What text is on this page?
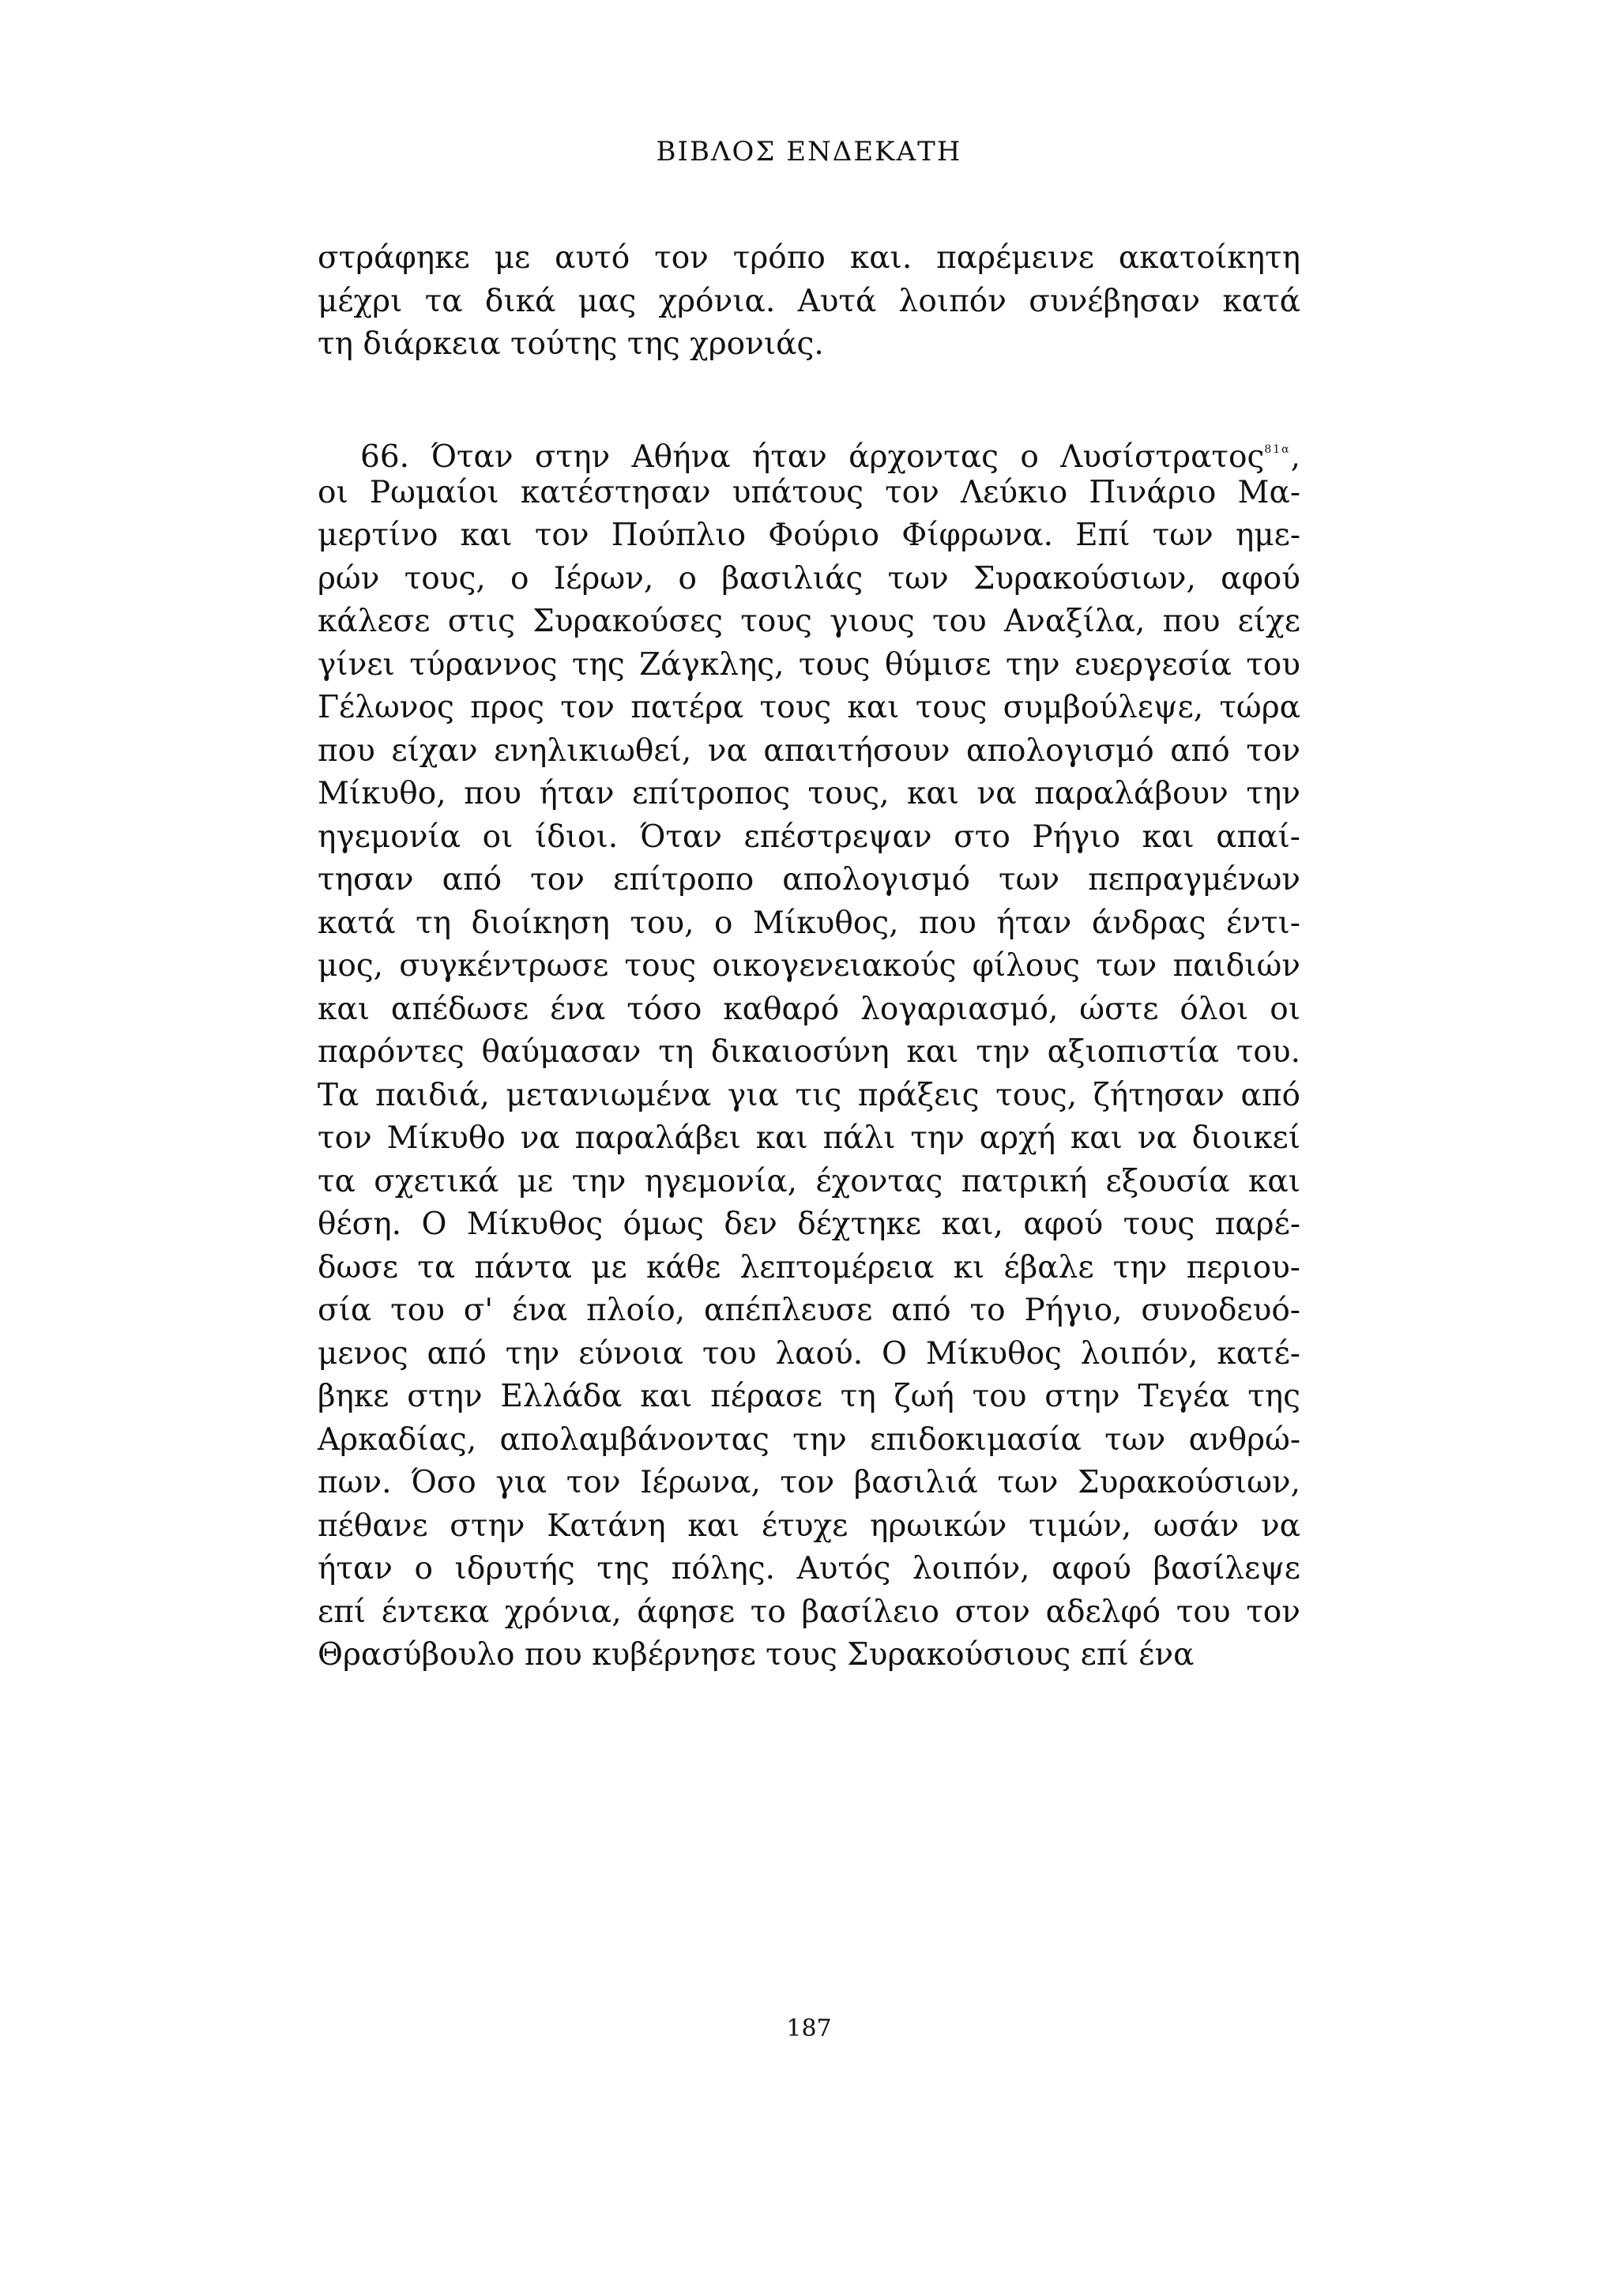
ΒΙΒΛΟΣ ΕΝΔΕΚΑΤΗ
στράφηκε με αυτό τον τρόπο και. παρέμεινε ακατοίκητη
μέχρι τα δικά μας χρόνια. Αυτά λοιπόν συνέβησαν κατά
τη διάρκεια τούτης της χρονιάς.
66. Όταν στην Αθήνα ήταν άρχοντας ο Λυσίστρατος$^{81\alpha}$,
οι Ρωμαίοι κατέστησαν υπάτους τον Λεύκιο Πινάριο Μα-
μερτίνο και τον Πούπλιο Φούριο Φίφρωνα. Επί των ημε-
ρών τους, ο Ιέρων, ο βασιλιάς των Συρακούσιων, αφού
κάλεσε στις Συρακούσες τους γιους του Αναξίλα, που είχε
γίνει τύραννος της Ζάγκλης, τους θύμισε την ευεργεσία του
Γέλωνος προς τον πατέρα τους και τους συμβούλεψε, τώρα
που είχαν ενηλικιωθεί, να απαιτήσουν απολογισμό από τον
Μίκυθο, που ήταν επίτροπος τους, και να παραλάβουν την
ηγεμονία οι ίδιοι. Όταν επέστρεψαν στο Ρήγιο και απαί-
τησαν από τον επίτροπο απολογισμό των πεπραγμένων
κατά τη διοίκηση του, ο Μίκυθος, που ήταν άνδρας έντι-
μος, συγκέντρωσε τους οικογενειακούς φίλους των παιδιών
και απέδωσε ένα τόσο καθαρό λογαριασμό, ώστε όλοι οι
παρόντες θαύμασαν τη δικαιοσύνη και την αξιοπιστία του.
Τα παιδιά, μετανιωμένα για τις πράξεις τους, ζήτησαν από
τον Μίκυθο να παραλάβει και πάλι την αρχή και να διοικεί
τα σχετικά με την ηγεμονία, έχοντας πατρική εξουσία και
θέση. Ο Μίκυθος όμως δεν δέχτηκε και, αφού τους παρέ-
δωσε τα πάντα με κάθε λεπτομέρεια κι έβαλε την περιου-
σία του σ' ένα πλοίο, απέπλευσε από το Ρήγιο, συνοδευό-
μενος από την εύνοια του λαού. Ο Μίκυθος λοιπόν, κατέ-
βηκε στην Ελλάδα και πέρασε τη ζωή του στην Τεγέα της
Αρκαδίας, απολαμβάνοντας την επιδοκιμασία των ανθρώ-
πων. Όσο για τον Ιέρωνα, τον βασιλιά των Συρακούσιων,
πέθανε στην Κατάνη και έτυχε ηρωικών τιμών, ωσάν να
ήταν ο ιδρυτής της πόλης. Αυτός λοιπόν, αφού βασίλεψε
επί έντεκα χρόνια, άφησε το βασίλειο στον αδελφό του τον
Θρασύβουλο που κυβέρνησε τους Συρακούσιους επί ένα
187
